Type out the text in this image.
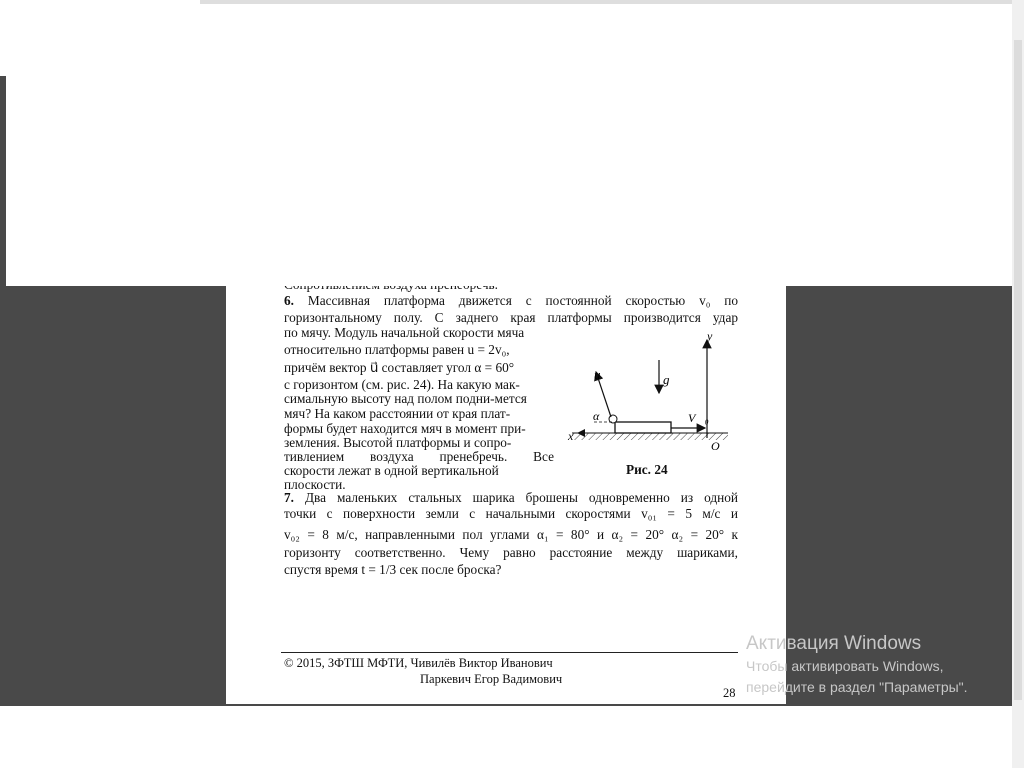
6. Массивная платформа движется с постоянной скоростью v₀ по
горизонтальному полу. С заднего края платформы производится удар
по мячу. Модуль начальной скорости мяча
относительно платформы равен u = 2v₀,
причём вектор u⃗ составляет угол α = 60°
с горизонтом (см. рис. 24). На какую мак-
симальную высоту над полом подни-мется
мяч? На каком расстоянии от края плат-
формы будет находится мяч в момент при-
земления. Высотой платформы и сопро-
тивлением воздуха пренебречь. Все
скорости лежат в одной вертикальной
плоскости.
y
x
O
u⃗	g⃗
V⃗₀
α
Рис. 24
7. Два маленьких стальных шарика брошены одновременно из одной
точки с поверхности земли с начальными скоростями v₀₁ = 5 м/с и
v₀₂ = 8 м/с, направленными пол углами α₁ = 80° и α₂ = 20° α₂ = 20° к
горизонту соответственно. Чему равно расстояние между шариками,
спустя время t = 1/3 сек после броска?
© 2015, ЗФТШ МФТИ, Чивилёв Виктор Иванович
Паркевич Егор Вадимович
28
Активация Windows
Чтобы активировать Windows,
перейдите в раздел "Параметры".
